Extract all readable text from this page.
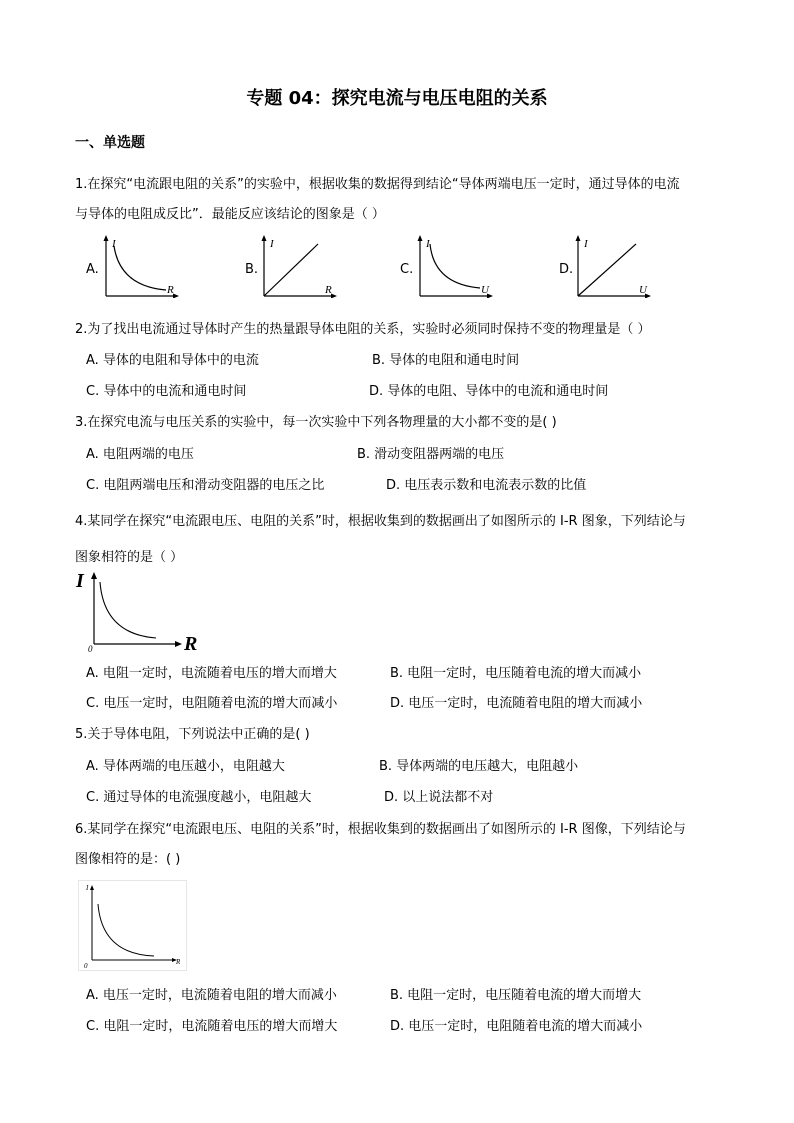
专题 04：探究电流与电压电阻的关系
一、单选题
1.在探究“电流跟电阻的关系”的实验中，根据收集的数据得到结论“导体两端电压一定时，通过导体的电流
与导体的电阻成反比”．最能反应该结论的图象是（ ）
A.
I
R
B.
I
R
C.
I
U
D.
I
U
2.为了找出电流通过导体时产生的热量跟导体电阻的关系，实验时必须同时保持不变的物理量是（ ）
A. 导体的电阻和导体中的电流	B. 导体的电阻和通电时间
C. 导体中的电流和通电时间	D. 导体的电阻、导体中的电流和通电时间
3.在探究电流与电压关系的实验中，每一次实验中下列各物理量的大小都不变的是( )
A. 电阻两端的电压	B. 滑动变阻器两端的电压
C. 电阻两端电压和滑动变阻器的电压之比	D. 电压表示数和电流表示数的比值
4.某同学在探究“电流跟电压、电阻的关系”时，根据收集到的数据画出了如图所示的 I-R 图象，下列结论与
图象相符的是（ ）
I
R
0
A. 电阻一定时，电流随着电压的增大而增大	B. 电阻一定时，电压随着电流的增大而减小
C. 电压一定时，电阻随着电流的增大而减小	D. 电压一定时，电流随着电阻的增大而减小
5.关于导体电阻，下列说法中正确的是( )
A. 导体两端的电压越小，电阻越大	B. 导体两端的电压越大，电阻越小
C. 通过导体的电流强度越小，电阻越大	D. 以上说法都不对
6.某同学在探究“电流跟电压、电阻的关系”时，根据收集到的数据画出了如图所示的 I-R 图像，下列结论与
图像相符的是：( )
I
R
0
A. 电压一定时，电流随着电阻的增大而减小	B. 电阻一定时，电压随着电流的增大而增大
C. 电阻一定时，电流随着电压的增大而增大	D. 电压一定时，电阻随着电流的增大而减小
